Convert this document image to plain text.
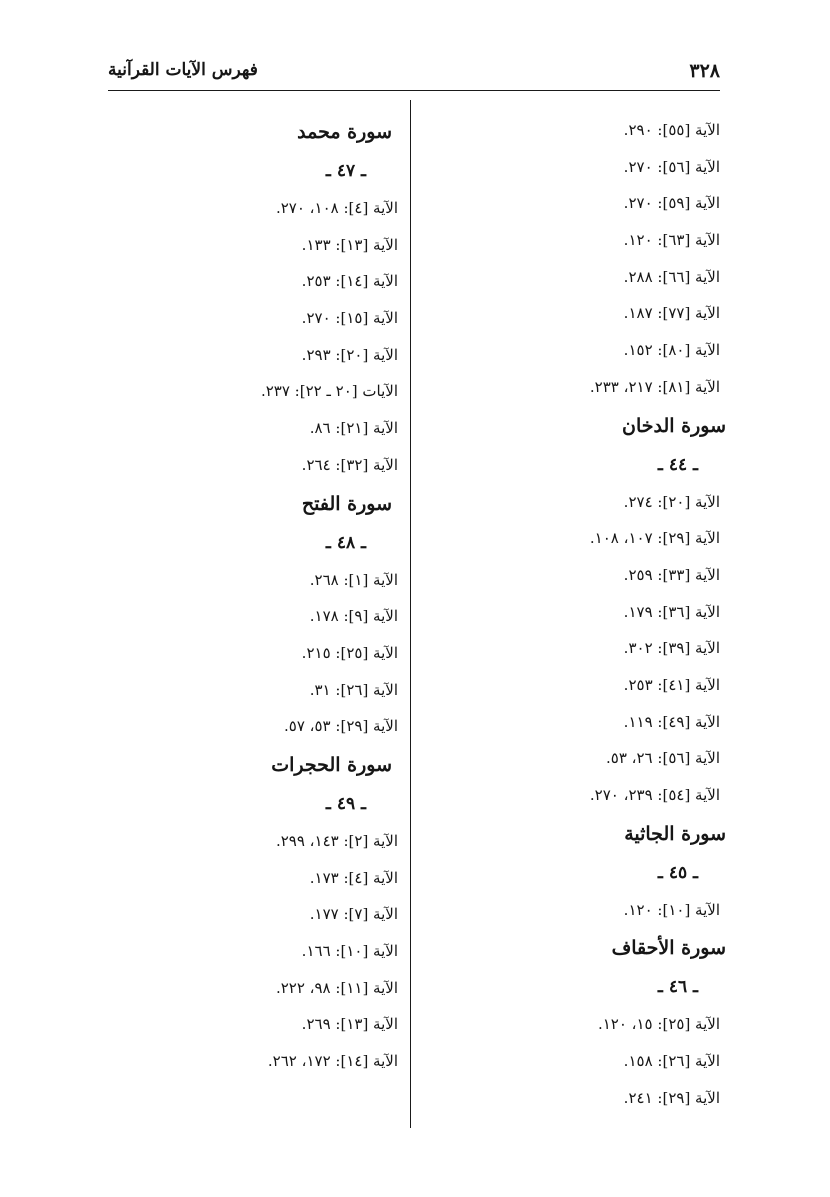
٣٢٨
فهرس الآيات القرآنية
الآية [٥٥]: ٢٩٠.
الآية [٥٦]: ٢٧٠.
الآية [٥٩]: ٢٧٠.
الآية [٦٣]: ١٢٠.
الآية [٦٦]: ٢٨٨.
الآية [٧٧]: ١٨٧.
الآية [٨٠]: ١٥٢.
الآية [٨١]: ٢١٧، ٢٣٣.
سورة الدخان
ـ ٤٤ ـ
الآية [٢٠]: ٢٧٤.
الآية [٢٩]: ١٠٧، ١٠٨.
الآية [٣٣]: ٢٥٩.
الآية [٣٦]: ١٧٩.
الآية [٣٩]: ٣٠٢.
الآية [٤١]: ٢٥٣.
الآية [٤٩]: ١١٩.
الآية [٥٦]: ٢٦، ٥٣.
الآية [٥٤]: ٢٣٩، ٢٧٠.
سورة الجاثية
ـ ٤٥ ـ
الآية [١٠]: ١٢٠.
سورة الأحقاف
ـ ٤٦ ـ
الآية [٢٥]: ١٥، ١٢٠.
الآية [٢٦]: ١٥٨.
الآية [٢٩]: ٢٤١.
سورة محمد
ـ ٤٧ ـ
الآية [٤]: ١٠٨، ٢٧٠.
الآية [١٣]: ١٣٣.
الآية [١٤]: ٢٥٣.
الآية [١٥]: ٢٧٠.
الآية [٢٠]: ٢٩٣.
الآيات [٢٠ ـ ٢٢]: ٢٣٧.
الآية [٢١]: ٨٦.
الآية [٣٢]: ٢٦٤.
سورة الفتح
ـ ٤٨ ـ
الآية [١]: ٢٦٨.
الآية [٩]: ١٧٨.
الآية [٢٥]: ٢١٥.
الآية [٢٦]: ٣١.
الآية [٢٩]: ٥٣، ٥٧.
سورة الحجرات
ـ ٤٩ ـ
الآية [٢]: ١٤٣، ٢٩٩.
الآية [٤]: ١٧٣.
الآية [٧]: ١٧٧.
الآية [١٠]: ١٦٦.
الآية [١١]: ٩٨، ٢٢٢.
الآية [١٣]: ٢٦٩.
الآية [١٤]: ١٧٢، ٢٦٢.
